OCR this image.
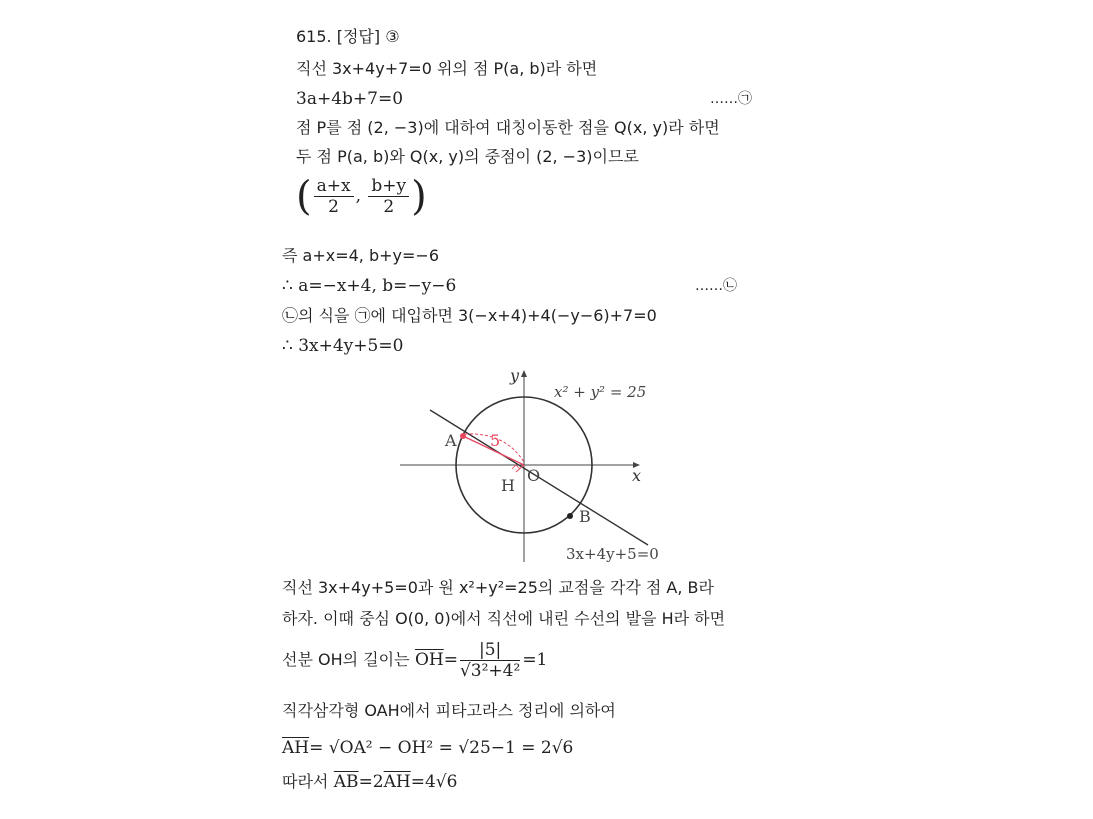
615. [정답] ③
직선 3x+4y+7=0 위의 점 P(a, b)라 하면
3a+4b+7=0	……㉠
점 P를 점 (2, −3)에 대하여 대칭이동한 점을 Q(x, y)라 하면
두 점 P(a, b)와 Q(x, y)의 중점이 (2, −3)이므로
( $\frac{a+x}{2}$ , $\frac{b+y}{2}$ )
즉 a+x=4, b+y=−6
∴ a=−x+4, b=−y−6	……㉡
㉡의 식을 ㉠에 대입하면 3(−x+4)+4(−y−6)+7=0
∴ 3x+4y+5=0
y
x
x² + y² = 25
3x+4y+5=0
A
B
H
O
5
직선 3x+4y+5=0과 원 x²+y²=25의 교점을 각각 점 A, B라
하자. 이때 중심 O(0, 0)에서 직선에 내린 수선의 발을 H라 하면
선분 OH의 길이는 $\overline{OH}= \frac{|5|}{\text{√3²+4²}} =1$
직각삼각형 OAH에서 피타고라스 정리에 의하여
$\overline{AH}= √OA^2 - OH^2 = √25-1 = 2√6$
따라서 $\overline{AB}=2\overline{AH}=4√6$
